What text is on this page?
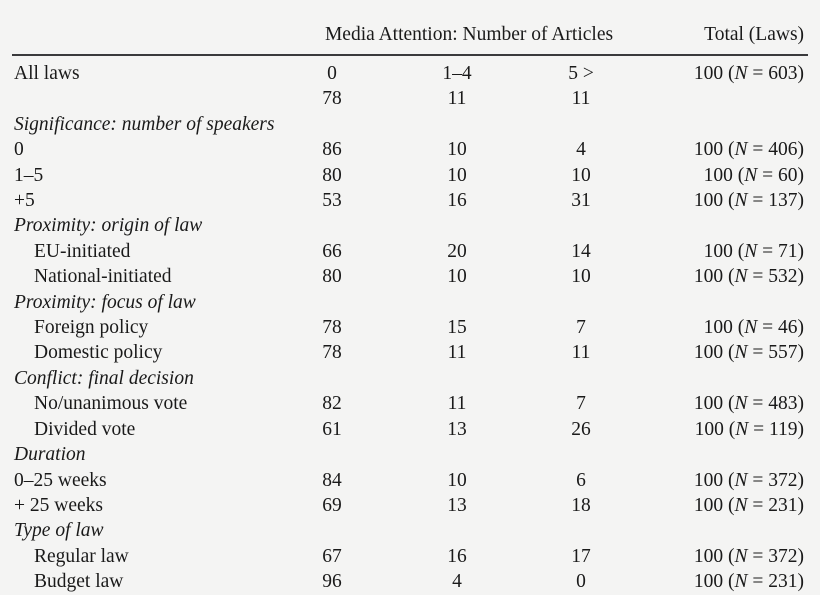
	Media Attention: Number of Articles			Total (Laws)

All laws	0	1–4	5 >	100 (N = 603)
	78	11	11	
Significance: number of speakers				
0	86	10	4	100 (N = 406)
1–5	80	10	10	100 (N = 60)
+5	53	16	31	100 (N = 137)
Proximity: origin of law				
EU-initiated	66	20	14	100 (N = 71)
National-initiated	80	10	10	100 (N = 532)
Proximity: focus of law				
Foreign policy	78	15	7	100 (N = 46)
Domestic policy	78	11	11	100 (N = 557)
Conflict: final decision				
No/unanimous vote	82	11	7	100 (N = 483)
Divided vote	61	13	26	100 (N = 119)
Duration				
0–25 weeks	84	10	6	100 (N = 372)
+ 25 weeks	69	13	18	100 (N = 231)
Type of law				
Regular law	67	16	17	100 (N = 372)
Budget law	96	4	0	100 (N = 231)
